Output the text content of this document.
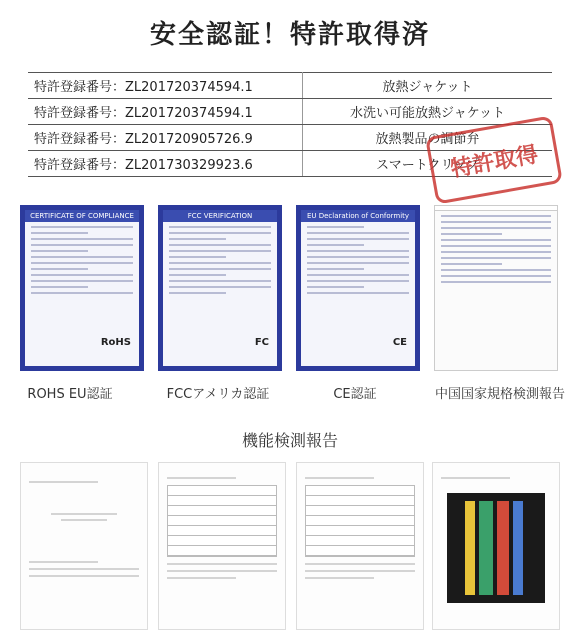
安全認証！特許取得済
特許登録番号：ZL201720374594.1	放熱ジャケット
特許登録番号：ZL201720374594.1	水洗い可能放熱ジャケット
特許登録番号：ZL201720905726.9	放熱製品の調節弁
特許登録番号：ZL201730329923.6	スマートクリップ
特許取得
CERTIFICATE OF COMPLIANCE
RoHS
FCC VERIFICATION
FC
EU Declaration of Conformity
CE
ROHS EU認証	FCCアメリカ認証	CE認証	中国国家規格検測報告
機能検測報告
